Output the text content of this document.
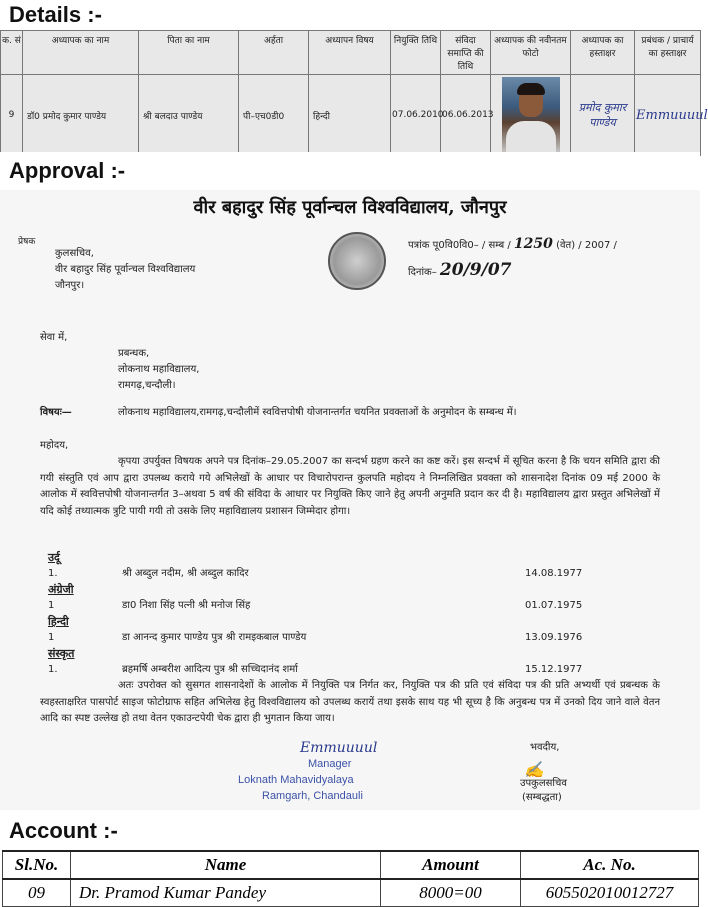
Details :-
क. सं	अध्यापक का नाम	पिता का नाम	अर्हता	अध्यापन विषय	नियुक्ति तिथि	संविदा समाप्ति की तिथि	अध्यापक की नवीनतम फोटो	अध्यापक का हस्ताक्षर	प्रबंधक / प्राचार्य का हस्ताक्षर
9	डॉ0 प्रमोद कुमार पाण्डेय	श्री बलदाउ पाण्डेय	पी–एच0डी0	हिन्दी	07.06.2010	06.06.2013		प्रमोद कुमार पाण्डेय	Emmuuuul
Approval :-
वीर बहादुर सिंह पूर्वान्चल विश्वविद्यालय, जौनपुर
प्रेषक
कुलसचिव,
वीर बहादुर सिंह पूर्वान्चल विश्वविद्यालय
जौनपुर।
पत्रांक पू0वि0वि0– / सम्ब / 1250 (वेत) / 2007 /
दिनांक– 20/9/07
सेवा में,
प्रबन्धक,
लोकनाथ महाविद्यालय,
रामगढ़,चन्दौली।
विषयः—	लोकनाथ महाविद्यालय,रामगढ़,चन्दौलीमें स्ववित्तपोषी योजनान्तर्गत चयनित प्रवक्ताओं के अनुमोदन के सम्बन्ध में।
महोदय,
कृपया उपर्युक्त विषयक अपने पत्र दिनांक–29.05.2007 का सन्दर्भ ग्रहण करने का कष्ट करें। इस सन्दर्भ में सूचित करना है कि चयन समिति द्वारा की गयी संस्तुति एवं आप द्वारा उपलब्ध कराये गये अभिलेखों के आधार पर विचारोपरान्त कुलपति महोदय ने निम्नलिखित प्रवक्ता को शासनादेश दिनांक 09 मई 2000 के आलोक में स्ववित्तपोषी योजनान्तर्गत 3–अथवा 5 वर्ष की संविदा के आधार पर नियुक्ति किए जाने हेतु अपनी अनुमति प्रदान कर दी है। महाविद्यालय द्वारा प्रस्तुत अभिलेखों में यदि कोई तथ्यात्मक त्रुटि पायी गयी तो उसके लिए महाविद्यालय प्रशासन जिम्मेदार होगा।
उर्दू
1.	श्री अब्दुल नदीम, श्री अब्दुल कादिर	14.08.1977
अंग्रेजी
1	डा0 निशा सिंह पत्नी श्री मनोज सिंह	01.07.1975
हिन्दी
1	डा आनन्द कुमार पाण्डेय पुत्र श्री रामइकबाल पाण्डेय	13.09.1976
संस्कृत
1.	ब्रहमर्षि अम्बरीश आदित्य पुत्र श्री सच्चिदानंद शर्मा	15.12.1977
अतः उपरोक्त को सुसगत शासनादेशों के आलोक में नियुक्ति पत्र निर्गत कर, नियुक्ति पत्र की प्रति एवं संविदा पत्र की प्रति अभ्यर्थी एवं प्रबन्धक के स्वहस्ताक्षरित पासपोर्ट साइज फोटोग्राफ सहित अभिलेख हेतु विश्वविद्यालय को उपलब्ध करायें तथा इसके साथ यह भी सूच्य है कि अनुबन्ध पत्र में उनको दिय जाने वाले वेतन आदि का स्पष्ट उल्लेख हो तथा वेतन एकाउन्टपेयी चेक द्वारा ही भुगतान किया जाय।
Emmuuuul
Manager
Loknath Mahavidyalaya
Ramgarh, Chandauli
भवदीय,
✍
उपकुलसचिव
(सम्बद्धता)
Account :-
Sl.No.	Name	Amount	Ac. No.
09	Dr. Pramod Kumar Pandey	8000=00	605502010012727
